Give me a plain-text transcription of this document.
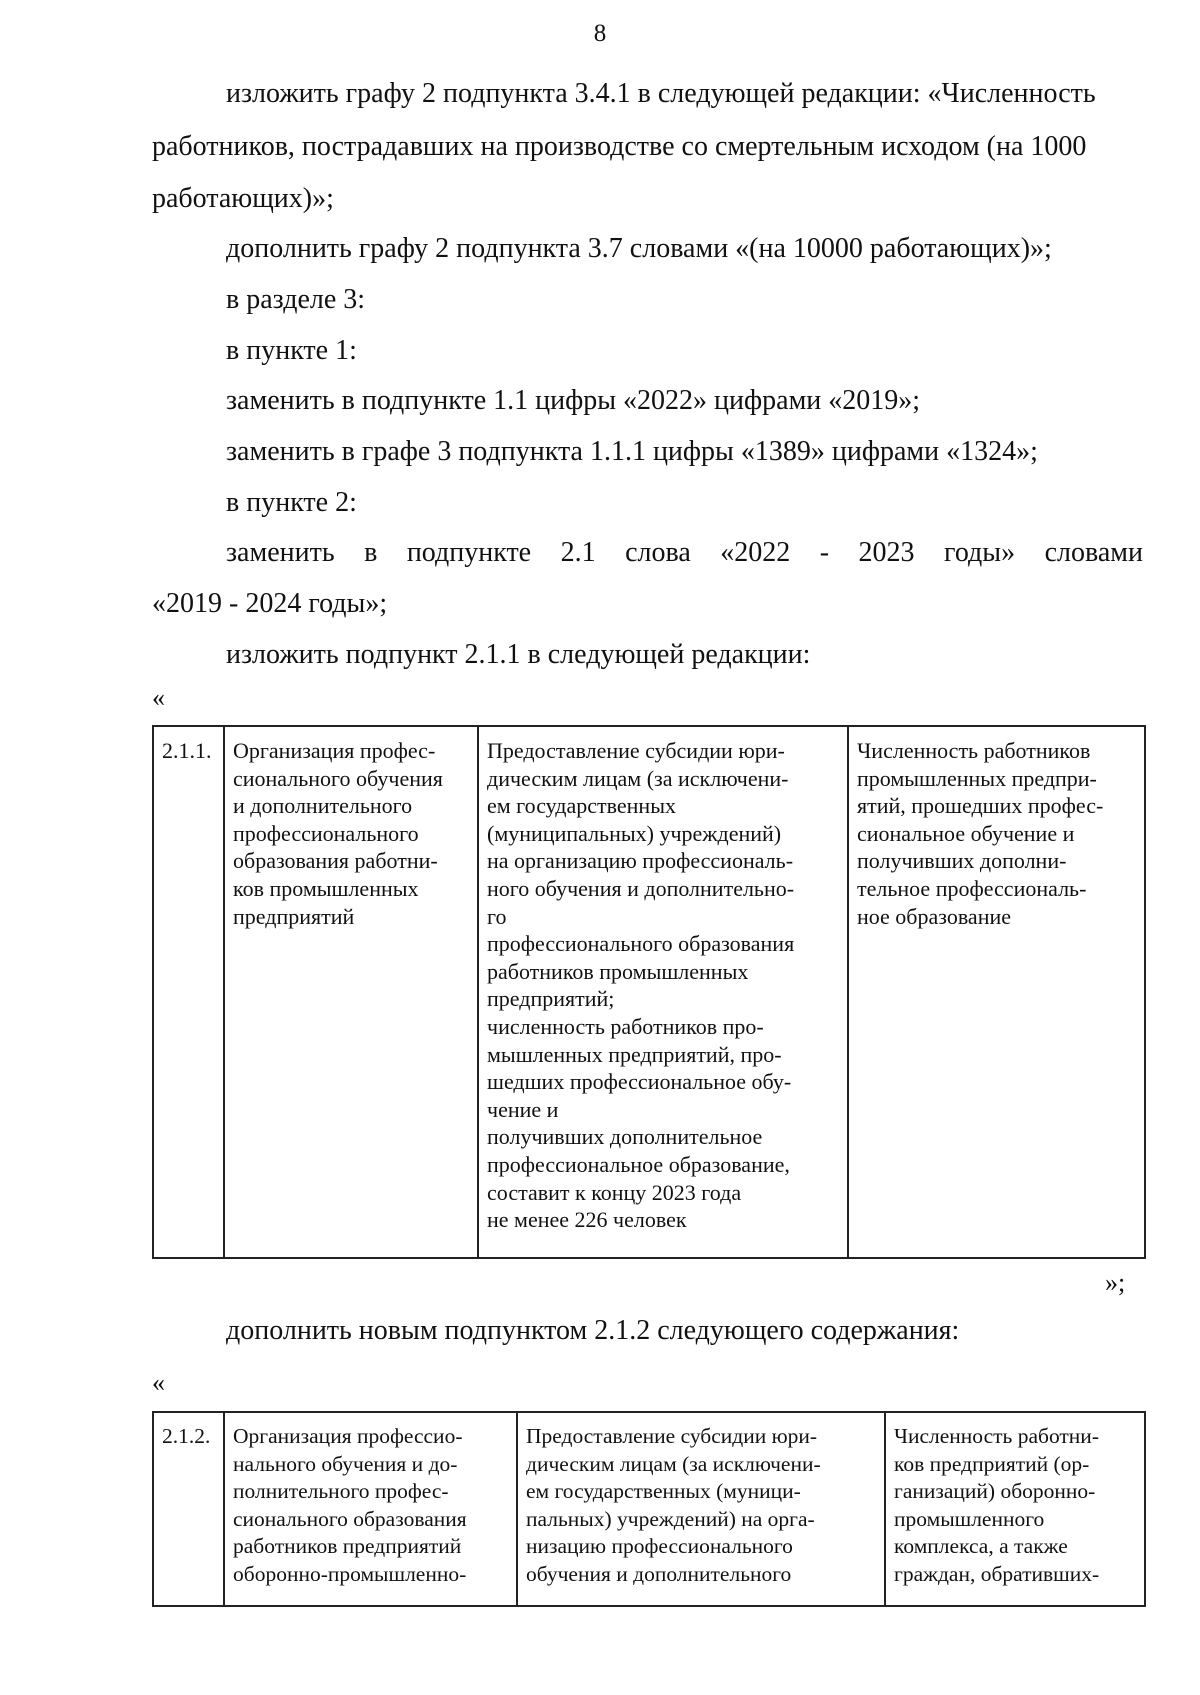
8
изложить графу 2 подпункта 3.4.1 в следующей редакции: «Численность
работников, пострадавших на производстве со смертельным исходом (на 1000
работающих)»;
дополнить графу 2 подпункта 3.7 словами «(на 10000 работающих)»;
в разделе 3:
в пункте 1:
заменить в подпункте 1.1 цифры «2022» цифрами «2019»;
заменить в графе 3 подпункта 1.1.1 цифры «1389» цифрами «1324»;
в пункте 2:
заменить в подпункте 2.1 слова «2022 - 2023 годы» словами
«2019 - 2024 годы»;
изложить подпункт 2.1.1 в следующей редакции:
«
2.1.1.	Организация профес-
сионального обучения
и дополнительного
профессионального
образования работни-
ков промышленных
предприятий	Предоставление субсидии юри-
дическим лицам (за исключени-
ем государственных
(муниципальных) учреждений)
на организацию профессиональ-
ного обучения и дополнительно-
го
профессионального образования
работников промышленных
предприятий;
численность работников про-
мышленных предприятий, про-
шедших профессиональное обу-
чение и
получивших дополнительное
профессиональное образование,
составит к концу 2023 года
не менее 226 человек	Численность работников
промышленных предпри-
ятий, прошедших профес-
сиональное обучение и
получивших дополни-
тельное профессиональ-
ное образование
»;
дополнить новым подпунктом 2.1.2 следующего содержания:
«
2.1.2.	Организация профессио-
нального обучения и до-
полнительного профес-
сионального образования
работников предприятий
оборонно-промышленно-	Предоставление субсидии юри-
дическим лицам (за исключени-
ем государственных (муници-
пальных) учреждений) на орга-
низацию профессионального
обучения и дополнительного	Численность работни-
ков предприятий (ор-
ганизаций) оборонно-
промышленного
комплекса, а также
граждан, обративших-
